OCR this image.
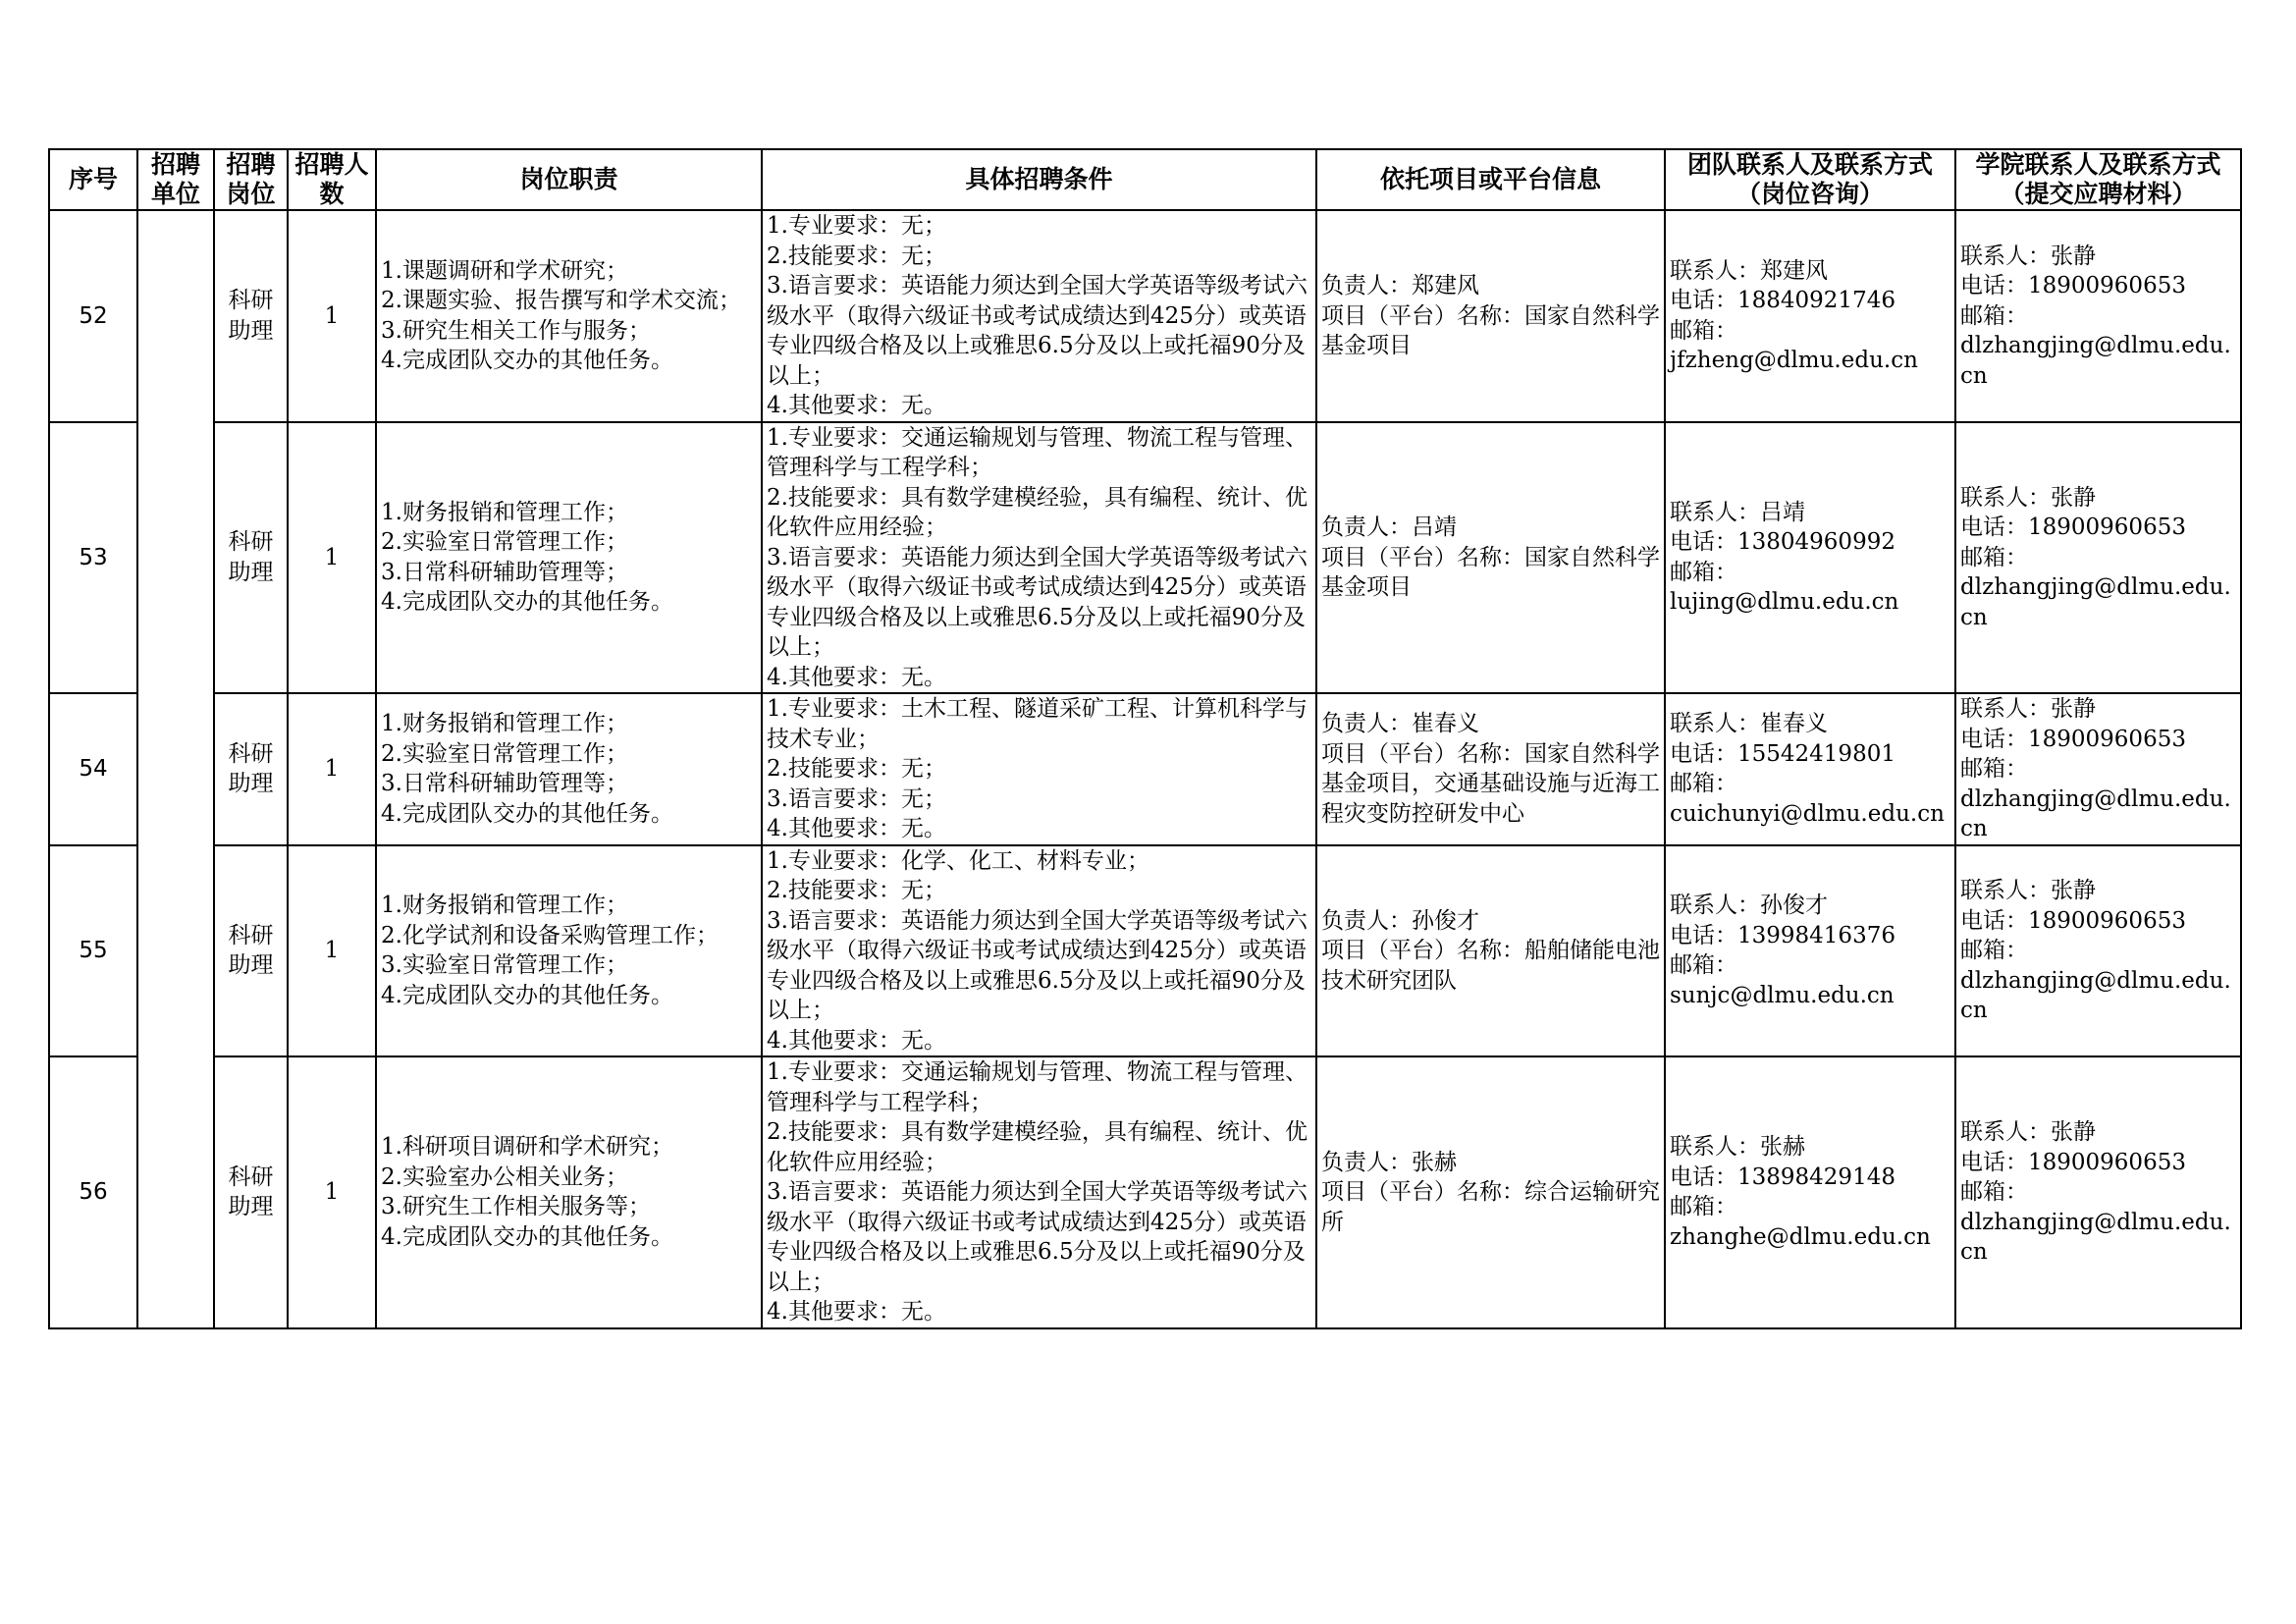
序号	招聘单位	招聘岗位	招聘人数	岗位职责	具体招聘条件	依托项目或平台信息	团队联系人及联系方式（岗位咨询）	学院联系人及联系方式（提交应聘材料）
52		科研助理	1	1.课题调研和学术研究；
2.课题实验、报告撰写和学术交流；
3.研究生相关工作与服务；
4.完成团队交办的其他任务。	1.专业要求：无；
2.技能要求：无；
3.语言要求：英语能力须达到全国大学英语等级考试六级水平（取得六级证书或考试成绩达到425分）或英语专业四级合格及以上或雅思6.5分及以上或托福90分及以上；
4.其他要求：无。	负责人：郑建风
项目（平台）名称：国家自然科学基金项目	联系人：郑建风
电话：18840921746
邮箱：
jfzheng@dlmu.edu.cn	联系人：张静
电话：18900960653
邮箱：
dlzhangjing@dlmu.edu.cn
53		科研助理	1	1.财务报销和管理工作；
2.实验室日常管理工作；
3.日常科研辅助管理等；
4.完成团队交办的其他任务。	1.专业要求：交通运输规划与管理、物流工程与管理、管理科学与工程学科；
2.技能要求：具有数学建模经验，具有编程、统计、优化软件应用经验；
3.语言要求：英语能力须达到全国大学英语等级考试六级水平（取得六级证书或考试成绩达到425分）或英语专业四级合格及以上或雅思6.5分及以上或托福90分及以上；
4.其他要求：无。	负责人：吕靖
项目（平台）名称：国家自然科学基金项目	联系人：吕靖
电话：13804960992
邮箱：
lujing@dlmu.edu.cn	联系人：张静
电话：18900960653
邮箱：
dlzhangjing@dlmu.edu.cn
54		科研助理	1	1.财务报销和管理工作；
2.实验室日常管理工作；
3.日常科研辅助管理等；
4.完成团队交办的其他任务。	1.专业要求：土木工程、隧道采矿工程、计算机科学与技术专业；
2.技能要求：无；
3.语言要求：无；
4.其他要求：无。	负责人：崔春义
项目（平台）名称：国家自然科学基金项目，交通基础设施与近海工程灾变防控研发中心	联系人：崔春义
电话：15542419801
邮箱：
cuichunyi@dlmu.edu.cn	联系人：张静
电话：18900960653
邮箱：
dlzhangjing@dlmu.edu.cn
55		科研助理	1	1.财务报销和管理工作；
2.化学试剂和设备采购管理工作；
3.实验室日常管理工作；
4.完成团队交办的其他任务。	1.专业要求：化学、化工、材料专业；
2.技能要求：无；
3.语言要求：英语能力须达到全国大学英语等级考试六级水平（取得六级证书或考试成绩达到425分）或英语专业四级合格及以上或雅思6.5分及以上或托福90分及以上；
4.其他要求：无。	负责人：孙俊才
项目（平台）名称：船舶储能电池技术研究团队	联系人：孙俊才
电话：13998416376
邮箱：
sunjc@dlmu.edu.cn	联系人：张静
电话：18900960653
邮箱：
dlzhangjing@dlmu.edu.cn
56		科研助理	1	1.科研项目调研和学术研究；
2.实验室办公相关业务；
3.研究生工作相关服务等；
4.完成团队交办的其他任务。	1.专业要求：交通运输规划与管理、物流工程与管理、管理科学与工程学科；
2.技能要求：具有数学建模经验，具有编程、统计、优化软件应用经验；
3.语言要求：英语能力须达到全国大学英语等级考试六级水平（取得六级证书或考试成绩达到425分）或英语专业四级合格及以上或雅思6.5分及以上或托福90分及以上；
4.其他要求：无。	负责人：张赫
项目（平台）名称：综合运输研究所	联系人：张赫
电话：13898429148
邮箱：
zhanghe@dlmu.edu.cn	联系人：张静
电话：18900960653
邮箱：
dlzhangjing@dlmu.edu.cn
